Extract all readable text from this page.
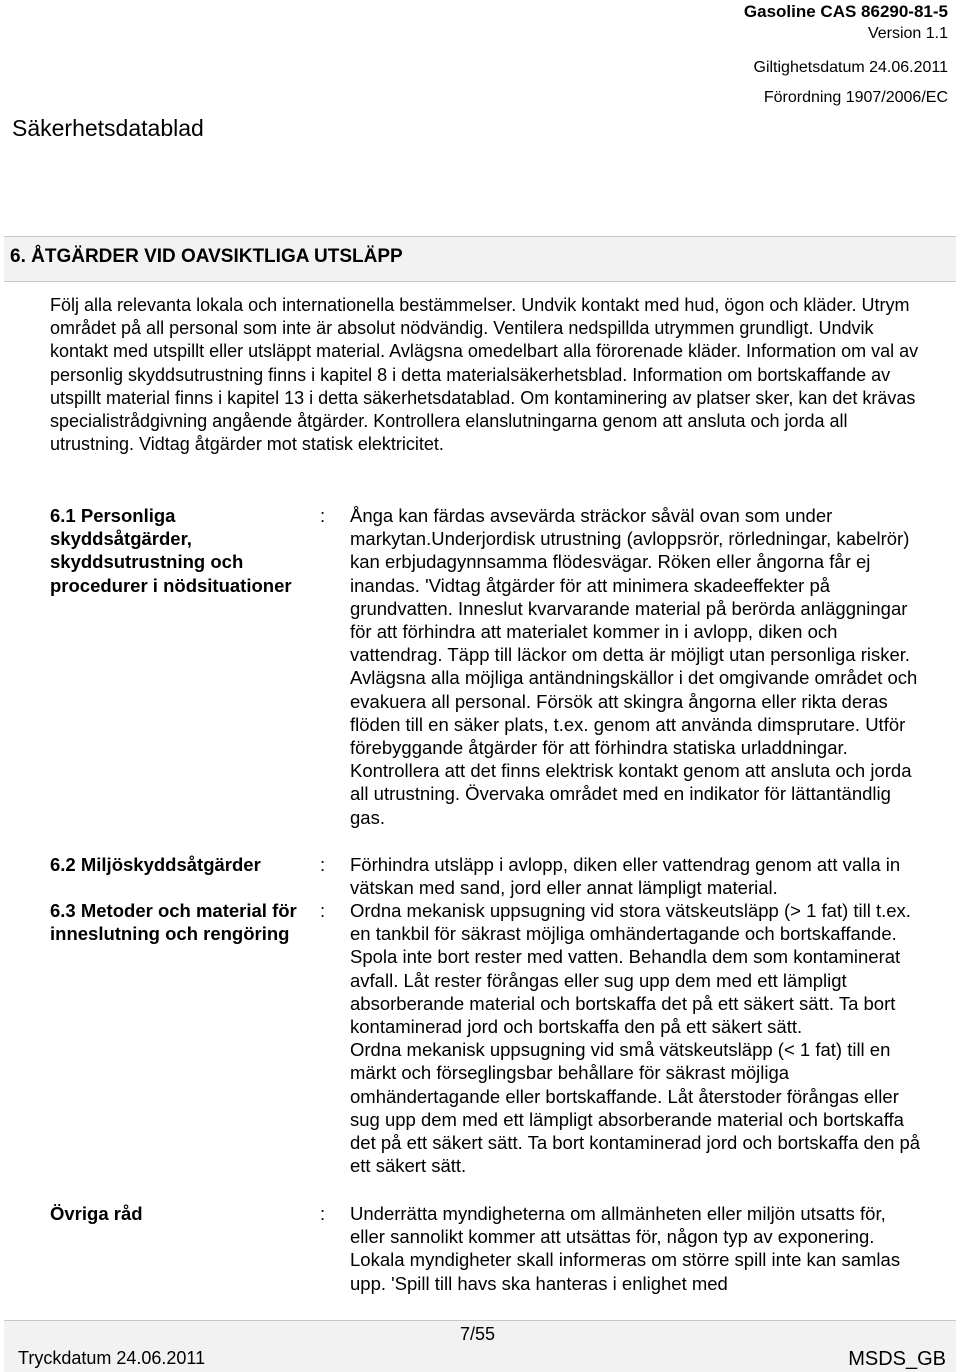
Gasoline CAS 86290-81-5
Version 1.1
Giltighetsdatum 24.06.2011
Förordning 1907/2006/EC
Säkerhetsdatablad
6. ÅTGÄRDER VID OAVSIKTLIGA UTSLÄPP

Följ alla relevanta lokala och internationella bestämmelser. Undvik kontakt med hud, ögon och kläder. Utrym området på all personal som inte är absolut nödvändig. Ventilera nedspillda utrymmen grundligt. Undvik kontakt med utspillt eller utsläppt material. Avlägsna omedelbart alla förorenade kläder. Information om val av personlig skyddsutrustning finns i kapitel 8 i detta materialsäkerhetsblad. Information om bortskaffande av utspillt material finns i kapitel 13 i detta säkerhetsdatablad. Om kontaminering av platser sker, kan det krävas specialistrådgivning angående åtgärder. Kontrollera elanslutningarna genom att ansluta och jorda all utrustning. Vidtag åtgärder mot statisk elektricitet.

6.1 Personliga skyddsåtgärder, skyddsutrustning och procedurer i nödsituationer

: Ånga kan färdas avsevärda sträckor såväl ovan som under markytan.Underjordisk utrustning (avloppsrör, rörledningar, kabelrör) kan erbjudagynnsamma flödesvägar. Röken eller ångorna får ej inandas. 'Vidtag åtgärder för att minimera skadeeffekter på grundvatten. Inneslut kvarvarande material på berörda anläggningar för att förhindra att materialet kommer in i avlopp, diken och vattendrag. Täpp till läckor om detta är möjligt utan personliga risker. Avlägsna alla möjliga antändningskällor i det omgivande området och evakuera all personal. Försök att skingra ångorna eller rikta deras flöden till en säker plats, t.ex. genom att använda dimsprutare. Utför förebyggande åtgärder för att förhindra statiska urladdningar. Kontrollera att det finns elektrisk kontakt genom att ansluta och jorda all utrustning. Övervaka området med en indikator för lättantändlig gas.

6.2 Miljöskyddsåtgärder	: Förhindra utsläpp i avlopp, diken eller vattendrag genom att valla in vätskan med sand, jord eller annat lämpligt material.

6.3 Metoder och material för inneslutning och rengöring

: Ordna mekanisk uppsugning vid stora vätskeutsläpp (> 1 fat) till t.ex. en tankbil för säkrast möjliga omhändertagande och bortskaffande. Spola inte bort rester med vatten. Behandla dem som kontaminerat avfall. Låt rester förångas eller sug upp dem med ett lämpligt absorberande material och bortskaffa det på ett säkert sätt. Ta bort kontaminerad jord och bortskaffa den på ett säkert sätt.

Ordna mekanisk uppsugning vid små vätskeutsläpp (< 1 fat) till en märkt och förseglingsbar behållare för säkrast möjliga omhändertagande eller bortskaffande. Låt återstoder förångas eller sug upp dem med ett lämpligt absorberande material och bortskaffa det på ett säkert sätt. Ta bort kontaminerad jord och bortskaffa den på ett säkert sätt.

Övriga råd	: Underrätta myndigheterna om allmänheten eller miljön utsatts för, eller sannolikt kommer att utsättas för, någon typ av exponering. Lokala myndigheter skall informeras om större spill inte kan samlas upp. 'Spill till havs ska hanteras i enlighet med

7/55
Tryckdatum 24.06.2011	MSDS_GB
